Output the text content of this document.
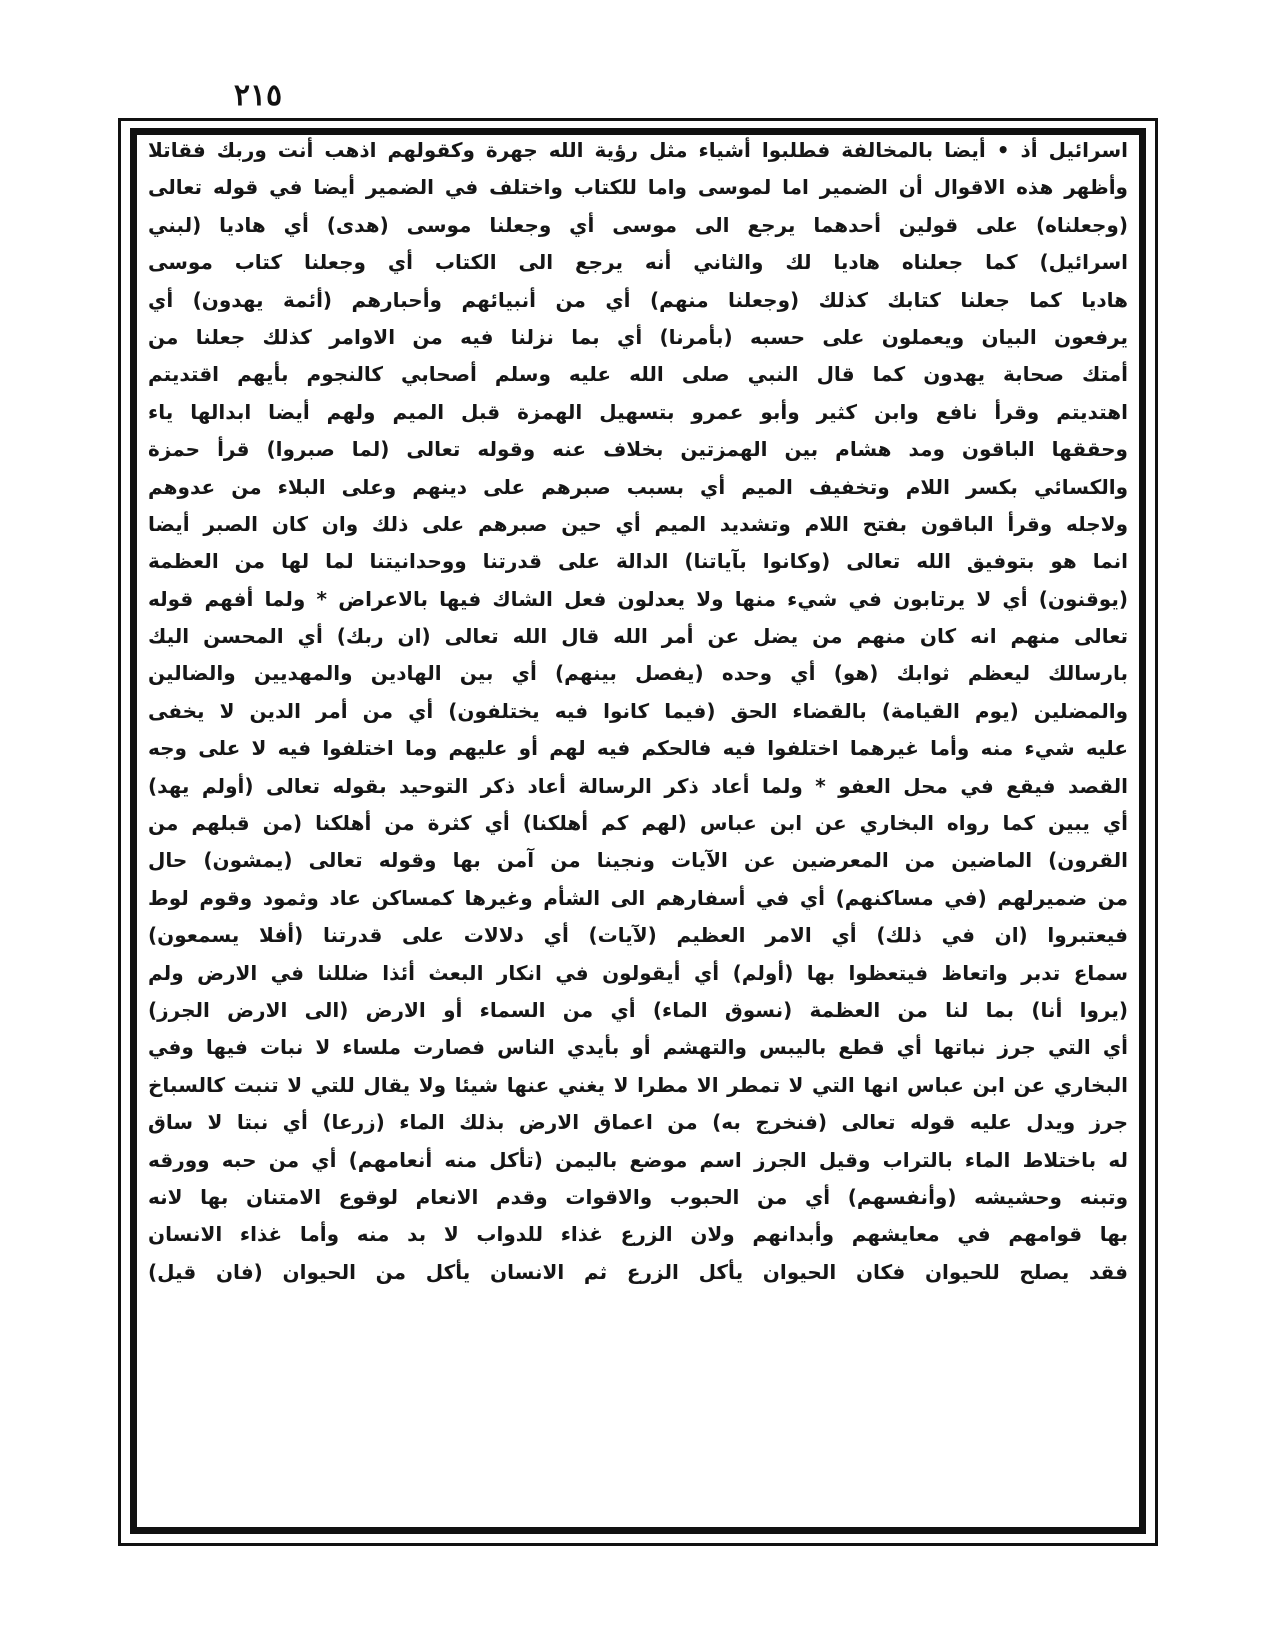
٢١٥
اسرائيل أذ • أيضا بالمخالفة فطلبوا أشياء مثل رؤية الله جهرة وكقولهم اذهب أنت وربك فقاتلا
وأظهر هذه الاقوال أن الضمير اما لموسى واما للكتاب واختلف في الضمير أيضا في قوله تعالى
(وجعلناه) على قولين أحدهما يرجع الى موسى أي وجعلنا موسى (هدى) أي هاديا (لبني
اسرائيل) كما جعلناه هاديا لك والثاني أنه يرجع الى الكتاب أي وجعلنا كتاب موسى
هاديا كما جعلنا كتابك كذلك (وجعلنا منهم) أي من أنبيائهم وأحبارهم (أئمة يهدون) أي
يرفعون البيان ويعملون على حسبه (بأمرنا) أي بما نزلنا فيه من الاوامر كذلك جعلنا من
أمتك صحابة يهدون كما قال النبي صلى الله عليه وسلم أصحابي كالنجوم بأيهم اقتديتم
اهتديتم وقرأ نافع وابن كثير وأبو عمرو بتسهيل الهمزة قبل الميم ولهم أيضا ابدالها ياء
وحققها الباقون ومد هشام بين الهمزتين بخلاف عنه وقوله تعالى (لما صبروا) قرأ حمزة
والكسائي بكسر اللام وتخفيف الميم أي بسبب صبرهم على دينهم وعلى البلاء من عدوهم
ولاجله وقرأ الباقون بفتح اللام وتشديد الميم أي حين صبرهم على ذلك وان كان الصبر أيضا
انما هو بتوفيق الله تعالى (وكانوا بآياتنا) الدالة على قدرتنا ووحدانيتنا لما لها من العظمة
(يوقنون) أي لا يرتابون في شيء منها ولا يعدلون فعل الشاك فيها بالاعراض * ولما أفهم قوله
تعالى منهم انه كان منهم من يضل عن أمر الله قال الله تعالى (ان ربك) أي المحسن اليك
بارسالك ليعظم ثوابك (هو) أي وحده (يفصل بينهم) أي بين الهادين والمهديين والضالين
والمضلين (يوم القيامة) بالقضاء الحق (فيما كانوا فيه يختلفون) أي من أمر الدين لا يخفى
عليه شيء منه وأما غيرهما اختلفوا فيه فالحكم فيه لهم أو عليهم وما اختلفوا فيه لا على وجه
القصد فيقع في محل العفو * ولما أعاد ذكر الرسالة أعاد ذكر التوحيد بقوله تعالى (أولم يهد)
أي يبين كما رواه البخاري عن ابن عباس (لهم كم أهلكنا) أي كثرة من أهلكنا (من قبلهم من
القرون) الماضين من المعرضين عن الآيات ونجينا من آمن بها وقوله تعالى (يمشون) حال
من ضميرلهم (في مساكنهم) أي في أسفارهم الى الشأم وغيرها كمساكن عاد وثمود وقوم لوط
فيعتبروا (ان في ذلك) أي الامر العظيم (لآيات) أي دلالات على قدرتنا (أفلا يسمعون)
سماع تدبر واتعاظ فيتعظوا بها (أولم) أي أيقولون في انكار البعث أئذا ضللنا في الارض ولم
(يروا أنا) بما لنا من العظمة (نسوق الماء) أي من السماء أو الارض (الى الارض الجرز)
أي التي جرز نباتها أي قطع باليبس والتهشم أو بأيدي الناس فصارت ملساء لا نبات فيها وفي
البخاري عن ابن عباس انها التي لا تمطر الا مطرا لا يغني عنها شيئا ولا يقال للتي لا تنبت كالسباخ
جرز ويدل عليه قوله تعالى (فنخرج به) من اعماق الارض بذلك الماء (زرعا) أي نبتا لا ساق
له باختلاط الماء بالتراب وقيل الجرز اسم موضع باليمن (تأكل منه أنعامهم) أي من حبه وورقه
وتبنه وحشيشه (وأنفسهم) أي من الحبوب والاقوات وقدم الانعام لوقوع الامتنان بها لانه
بها قوامهم في معايشهم وأبدانهم ولان الزرع غذاء للدواب لا بد منه وأما غذاء الانسان
فقد يصلح للحيوان فكان الحيوان يأكل الزرع ثم الانسان يأكل من الحيوان (فان قيل)
